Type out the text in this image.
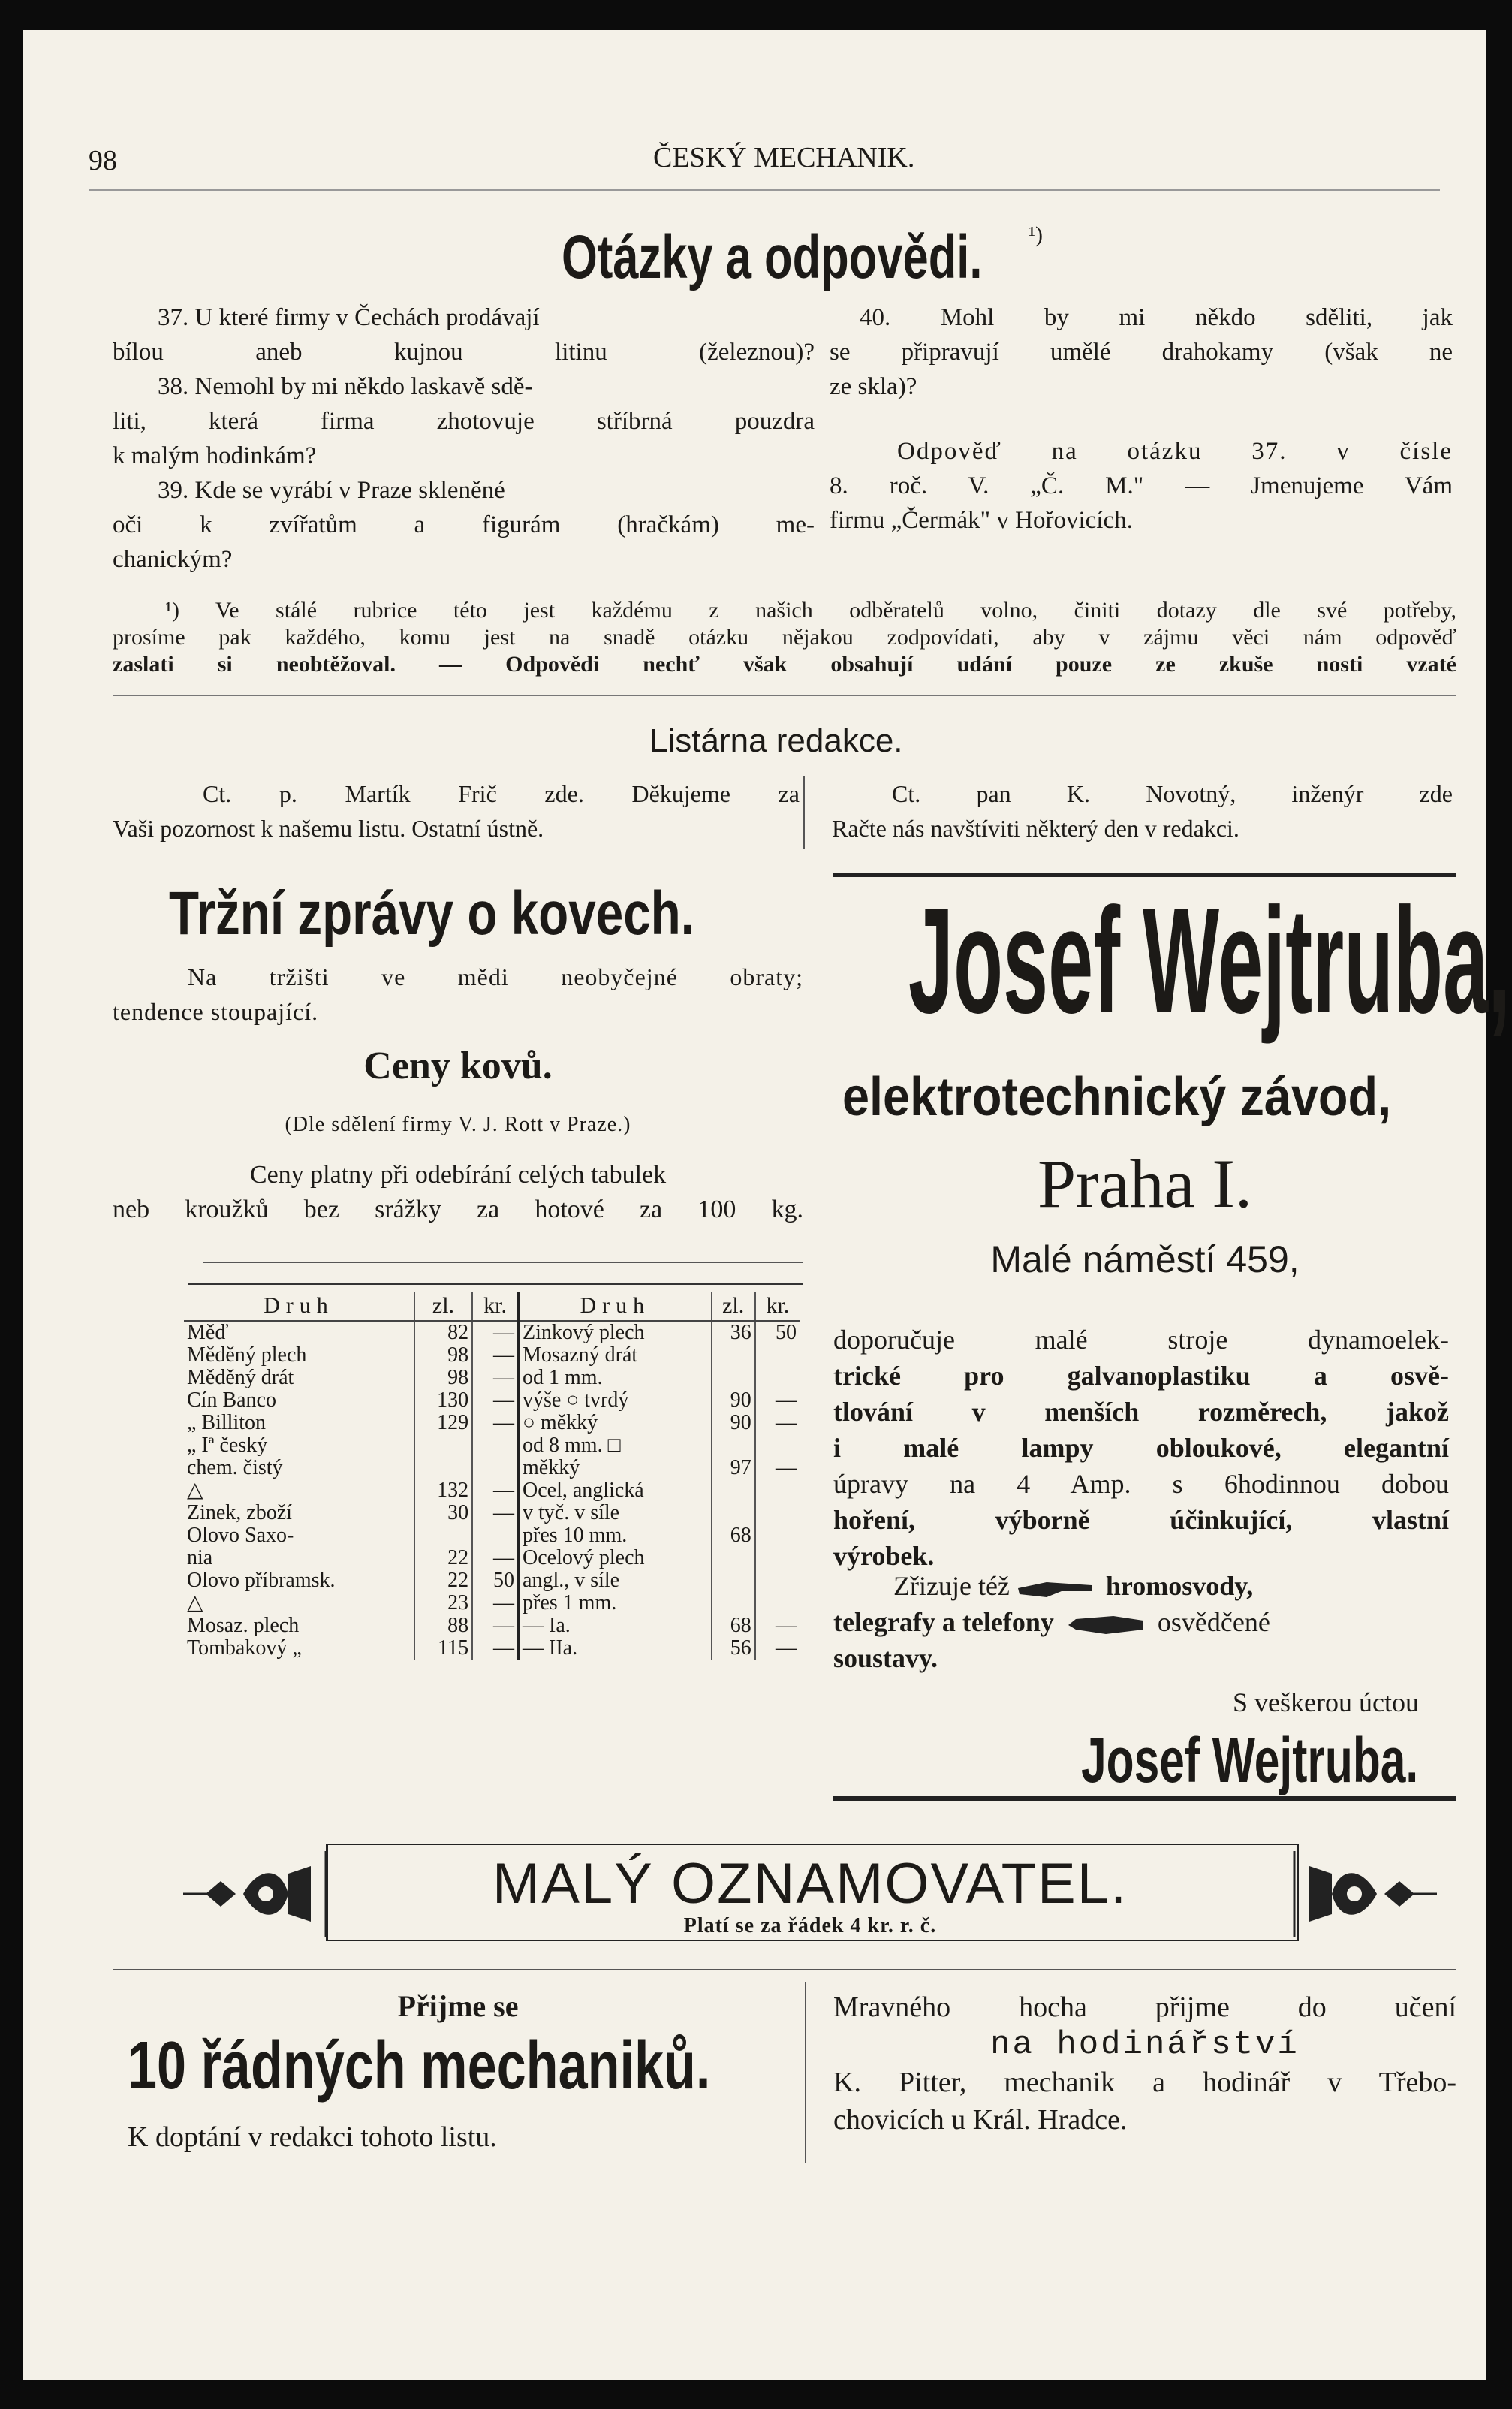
98	ČESKÝ MECHANIK.
Otázky a odpovědi.	¹)
37. U které firmy v Čechách prodávají
bílou aneb kujnou litinu (železnou)?
38. Nemohl by mi někdo laskavě sdě-
liti, která firma zhotovuje stříbrná pouzdra
k malým hodinkám?
39. Kde se vyrábí v Praze skleněné
oči k zvířatům a figurám (hračkám) me-
chanickým?
40. Mohl by mi někdo sděliti, jak
se připravují umělé drahokamy (však ne
ze skla)?
Odpověď na otázku 37. v čísle
8. roč. V. „Č. M." — Jmenujeme Vám
firmu „Čermák" v Hořovicích.
¹) Ve stálé rubrice této jest každému z našich odběratelů volno, činiti dotazy dle své potřeby,
prosíme pak každého, komu jest na snadě otázku nějakou zodpovídati, aby v zájmu věci nám odpověď
zaslati si neobtěžoval. — Odpovědi nechť však obsahují udání pouze ze zkuše nosti vzaté
Listárna redakce.
Ct. p. Martík Frič zde. Děkujeme za
Vaši pozornost k našemu listu. Ostatní ústně.
Ct. pan K. Novotný, inženýr zde
Račte nás navštíviti některý den v redakci.
Tržní zprávy o kovech.
Na tržišti ve mědi neobyčejné obraty;
tendence stoupající.
Ceny kovů.
(Dle sdělení firmy V. J. Rott v Praze.)
Ceny platny při odebírání celých tabulek
neb kroužků bez srážky za hotové za 100 kg.
Druh	zl.	kr.	Druh	zl.	kr.
Měď	82	—	Zinkový plech	36	50
Měděný plech	98	—	Mosazný drát		
Měděný drát	98	—	od 1 mm.		
Cín Banco	130	—	výše ○ tvrdý	90	—
„ Billiton	129	—	○ měkký	90	—
„ Iª český			od 8 mm. □		
chem. čistý			měkký	97	—
△	132	—	Ocel, anglická		
Zinek, zboží	30	—	v tyč. v síle		
Olovo Saxo-			přes 10 mm.	68	
nia	22	—	Ocelový plech		
Olovo příbramsk.	22	50	angl., v síle		
△	23	—	přes 1 mm.		
Mosaz. plech	88	—	— Ia.	68	—
Tombakový „	115	—	— IIa.	56	—
Josef Wejtruba,
elektrotechnický závod,
Praha I.
Malé náměstí 459,
doporučuje malé stroje dynamoelek-
trické pro galvanoplastiku a osvě-
tlování v menších rozměrech, jakož
i malé lampy obloukové, elegantní
úpravy na 4 Amp. s 6hodinnou dobou
hoření, výborně účinkující, vlastní
výrobek.
Zřizuje též	hromosvody,
telegrafy a telefony	osvědčené
soustavy.
S veškerou úctou
Josef Wejtruba.
MALÝ OZNAMOVATEL.
Platí se za řádek 4 kr. r. č.
Přijme se
10 řádných mechaniků.
K doptání v redakci tohoto listu.
Mravného hocha přijme do učení
na hodinářství
K. Pitter, mechanik a hodinář v Třebo-
chovicích u Král. Hradce.
